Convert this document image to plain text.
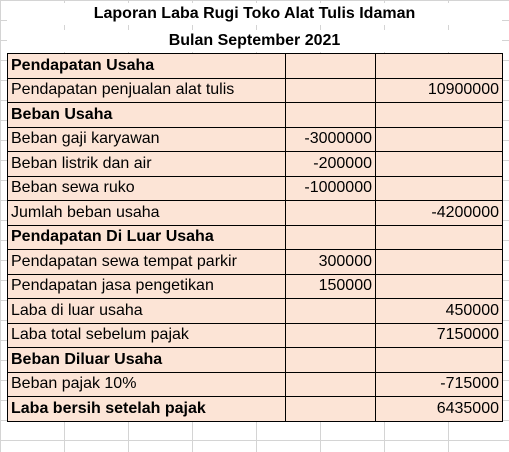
Laporan Laba Rugi Toko Alat Tulis Idaman
Bulan September 2021
Pendapatan Usaha		
Pendapatan penjualan alat tulis		10900000
Beban Usaha		
Beban gaji karyawan	-3000000	
Beban listrik dan air	-200000	
Beban sewa ruko	-1000000	
Jumlah beban usaha		-4200000
Pendapatan Di Luar Usaha		
Pendapatan sewa tempat parkir	300000	
Pendapatan jasa pengetikan	150000	
Laba di luar usaha		450000
Laba total sebelum pajak		7150000
Beban Diluar Usaha		
Beban pajak 10%		-715000
Laba bersih setelah pajak		6435000
